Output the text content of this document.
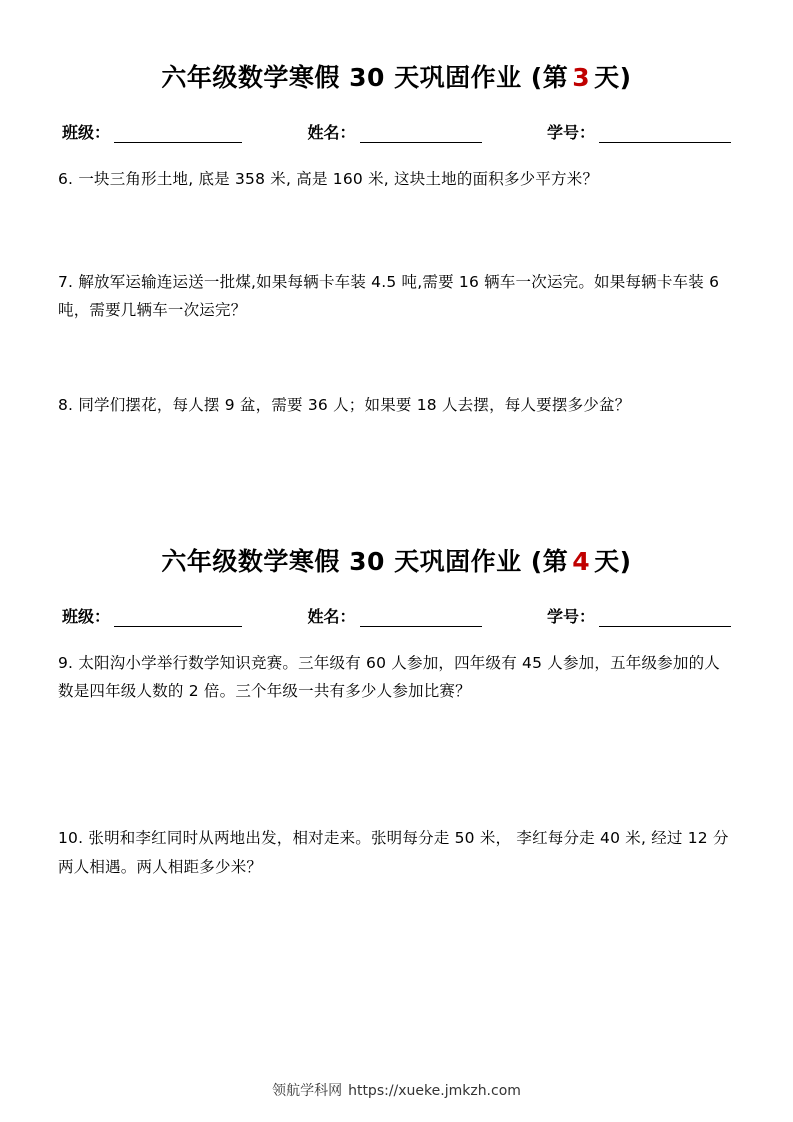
六年级数学寒假 30 天巩固作业 (第 3 天)
班级：	姓名：	学号：
6. 一块三角形土地, 底是 358 米, 高是 160 米, 这块土地的面积多少平方米？
7. 解放军运输连运送一批煤,如果每辆卡车装 4.5 吨,需要 16 辆车一次运完。如果每辆卡车装 6 吨，需要几辆车一次运完？
8. 同学们摆花，每人摆 9 盆，需要 36 人；如果要 18 人去摆，每人要摆多少盆？
六年级数学寒假 30 天巩固作业 (第 4 天)
班级：	姓名：	学号：
9. 太阳沟小学举行数学知识竞赛。三年级有 60 人参加，四年级有 45 人参加，五年级参加的人数是四年级人数的 2 倍。三个年级一共有多少人参加比赛？
10. 张明和李红同时从两地出发，相对走来。张明每分走 50 米， 李红每分走 40 米, 经过 12 分两人相遇。两人相距多少米？
领航学科网 https://xueke.jmkzh.com
